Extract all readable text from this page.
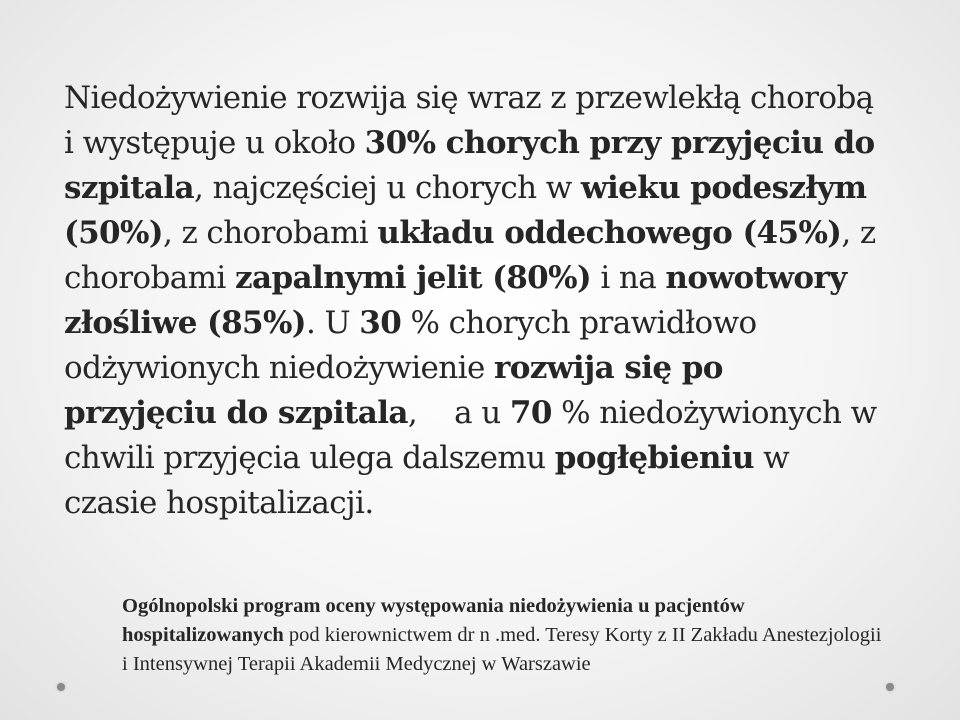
Niedożywienie rozwija się wraz z przewlekłą chorobą i występuje u około 30% chorych przy przyjęciu do szpitala, najczęściej u chorych w wieku podeszłym (50%), z chorobami układu oddechowego (45%), z chorobami zapalnymi jelit (80%) i na nowotwory złośliwe (85%). U 30 % chorych prawidłowo odżywionych niedożywienie rozwija się po przyjęciu do szpitala,    a u 70 % niedożywionych w chwili przyjęcia ulega dalszemu pogłębieniu w czasie hospitalizacji.

Ogólnopolski program oceny występowania niedożywienia u pacjentów hospitalizowanych pod kierownictwem dr n .med. Teresy Korty z II Zakładu Anestezjologii i Intensywnej Terapii Akademii Medycznej w Warszawie
